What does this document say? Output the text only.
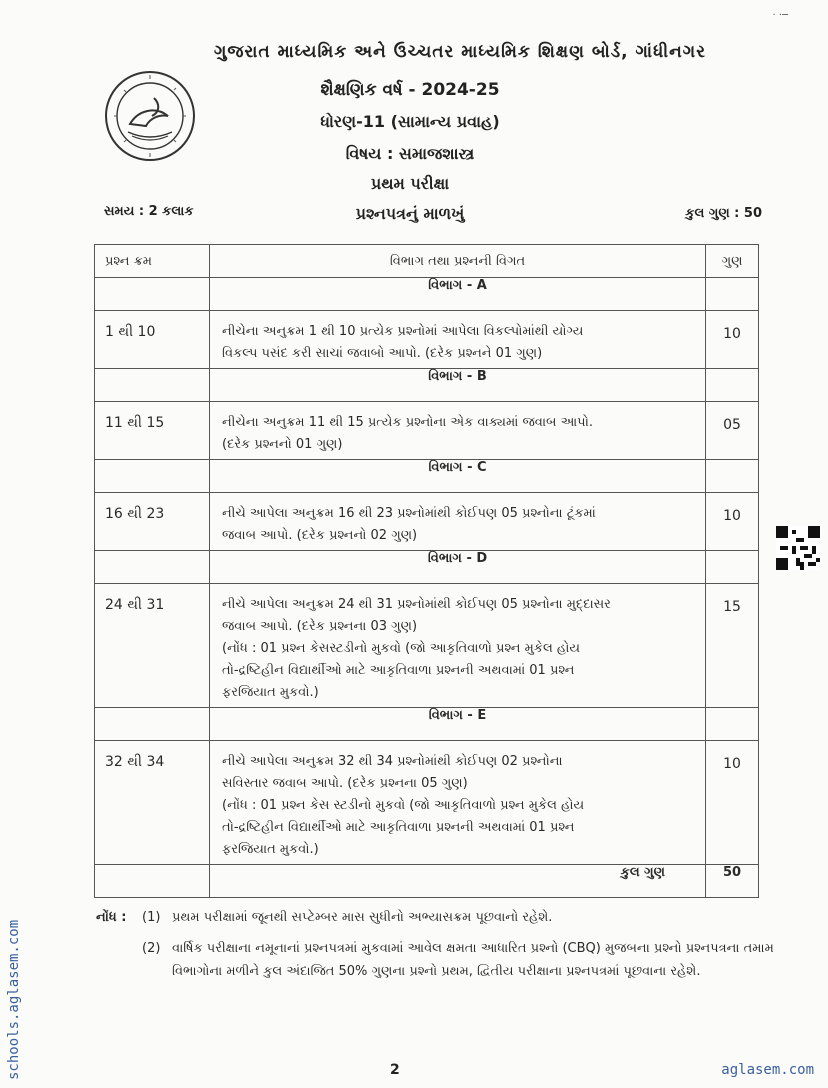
· ·─
ગુજરાત માધ્યમિક અને ઉચ્ચતર માધ્યમિક શિક્ષણ બોર્ડ, ગાંધીનગર
શૈક્ષણિક વર્ષ - 2024-25
ધોરણ-11 (સામાન્ય પ્રવાહ)
વિષય : સમાજશાસ્ત્ર
પ્રથમ પરીક્ષા
પ્રશ્નપત્રનું માળખું
સમય : 2 કલાક	કુલ ગુણ : 50
પ્રશ્ન ક્રમ	વિભાગ તથા પ્રશ્નની વિગત	ગુણ
	વિભાગ - A	
1 થી 10	નીચેના અનુક્રમ 1 થી 10 પ્રત્યેક પ્રશ્નોમાં આપેલા વિકલ્પોમાંથી યોગ્ય
વિકલ્પ પસંદ કરી સાચાં જવાબો આપો. (દરેક પ્રશ્નને 01 ગુણ)	10
	વિભાગ - B	
11 થી 15	નીચેના અનુક્રમ 11 થી 15 પ્રત્યેક પ્રશ્નોના એક વાક્યમાં જવાબ આપો.
(દરેક પ્રશ્નનો 01 ગુણ)	05
	વિભાગ - C	
16 થી 23	નીચે આપેલા અનુક્રમ 16 થી 23 પ્રશ્નોમાંથી કોઈપણ 05 પ્રશ્નોના ટૂંકમાં
જવાબ આપો. (દરેક પ્રશ્નનો 02 ગુણ)	10
	વિભાગ - D	
24 થી 31	નીચે આપેલા અનુક્રમ 24 થી 31 પ્રશ્નોમાંથી કોઈપણ 05 પ્રશ્નોના મુદ્દાસર
જવાબ આપો. (દરેક પ્રશ્નના 03 ગુણ)
(નોંધ : 01 પ્રશ્ન કેસસ્ટડીનો મુકવો (જો આકૃતિવાળો પ્રશ્ન મુકેલ હોય
તો-દ્રષ્ટિહીન વિદ્યાર્થીઓ માટે આકૃતિવાળા પ્રશ્નની અથવામાં 01 પ્રશ્ન
ફરજિયાત મુકવો.)	15
	વિભાગ - E	
32 થી 34	નીચે આપેલા અનુક્રમ 32 થી 34 પ્રશ્નોમાંથી કોઈપણ 02 પ્રશ્નોના
સવિસ્તાર જવાબ આપો. (દરેક પ્રશ્નના 05 ગુણ)
(નોંધ : 01 પ્રશ્ન કેસ સ્ટડીનો મુકવો (જો આકૃતિવાળો પ્રશ્ન મુકેલ હોય
તો-દ્રષ્ટિહીન વિદ્યાર્થીઓ માટે આકૃતિવાળા પ્રશ્નની અથવામાં 01 પ્રશ્ન
ફરજિયાત મુકવો.)	10
	કુલ ગુણ	50
નોંધ :	(1) પ્રથમ પરીક્ષામાં જૂનથી સપ્ટેમ્બર માસ સુધીનો અભ્યાસક્રમ પૂછવાનો રહેશે.
(2) વાર્ષિક પરીક્ષાના નમૂનાનાં પ્રશ્નપત્રમાં મુકવામાં આવેલ ક્ષમતા આધારિત પ્રશ્નો (CBQ) મુજબના પ્રશ્નો પ્રશ્નપત્રના તમામ વિભાગોના મળીને કુલ અંદાજિત 50% ગુણના પ્રશ્નો પ્રથમ, દ્વિતીય પરીક્ષાના પ્રશ્નપત્રમાં પૂછવાના રહેશે.
schools.aglasem.com	2	aglasem.com
